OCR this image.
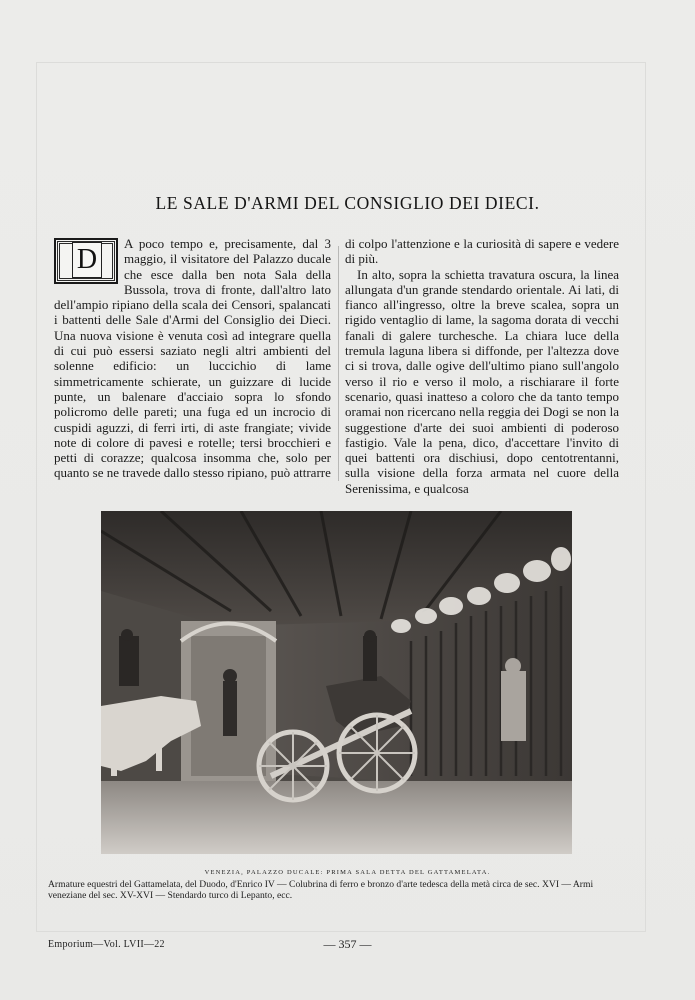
LE SALE D'ARMI DEL CONSIGLIO DEI DIECI.
D

A poco tempo e, precisamente, dal 3 maggio, il visitatore del Palazzo ducale che esce dalla ben nota Sala della Bussola, trova di fronte, dall'altro lato dell'ampio ripiano della scala dei Censori, spalancati i battenti delle Sale d'Armi del Consiglio dei Dieci. Una nuova visione è venuta così ad integrare quella di cui può essersi saziato negli altri ambienti del solenne edificio: un luccichio di lame simmetricamente schierate, un guizzare di lucide punte, un balenare d'acciaio sopra lo sfondo policromo delle pareti; una fuga ed un incrocio di cuspidi aguzzi, di ferri irti, di aste frangiate; vivide note di colore di pavesi e rotelle; tersi brocchieri e petti di corazze; qualcosa insomma che, solo per quanto se ne travede dallo stesso ripiano, può attrarre

di colpo l'attenzione e la curiosità di sapere e vedere di più.

In alto, sopra la schietta travatura oscura, la linea allungata d'un grande stendardo orientale. Ai lati, di fianco all'ingresso, oltre la breve scalea, sopra un rigido ventaglio di lame, la sagoma dorata di vecchi fanali di galere turchesche. La chiara luce della tremula laguna libera si diffonde, per l'altezza dove ci si trova, dalle ogive dell'ultimo piano sull'angolo verso il rio e verso il molo, a rischiarare il forte scenario, quasi inatteso a coloro che da tanto tempo oramai non ricercano nella reggia dei Dogi se non la suggestione d'arte dei suoi ambienti di poderoso fastigio. Vale la pena, dico, d'accettare l'invito di quei battenti ora dischiusi, dopo centotrentanni, sulla visione della forza armata nel cuore della Serenissima, e qualcosa

VENEZIA, PALAZZO DUCALE: PRIMA SALA DETTA DEL GATTAMELATA.
Armature equestri del Gattamelata, del Duodo, d'Enrico IV — Colubrina di ferro e bronzo d'arte tedesca della metà circa de sec. XVI — Armi veneziane del sec. XV-XVI — Stendardo turco di Lepanto, ecc.
Emporium—Vol. LVII—22	— 357 —
